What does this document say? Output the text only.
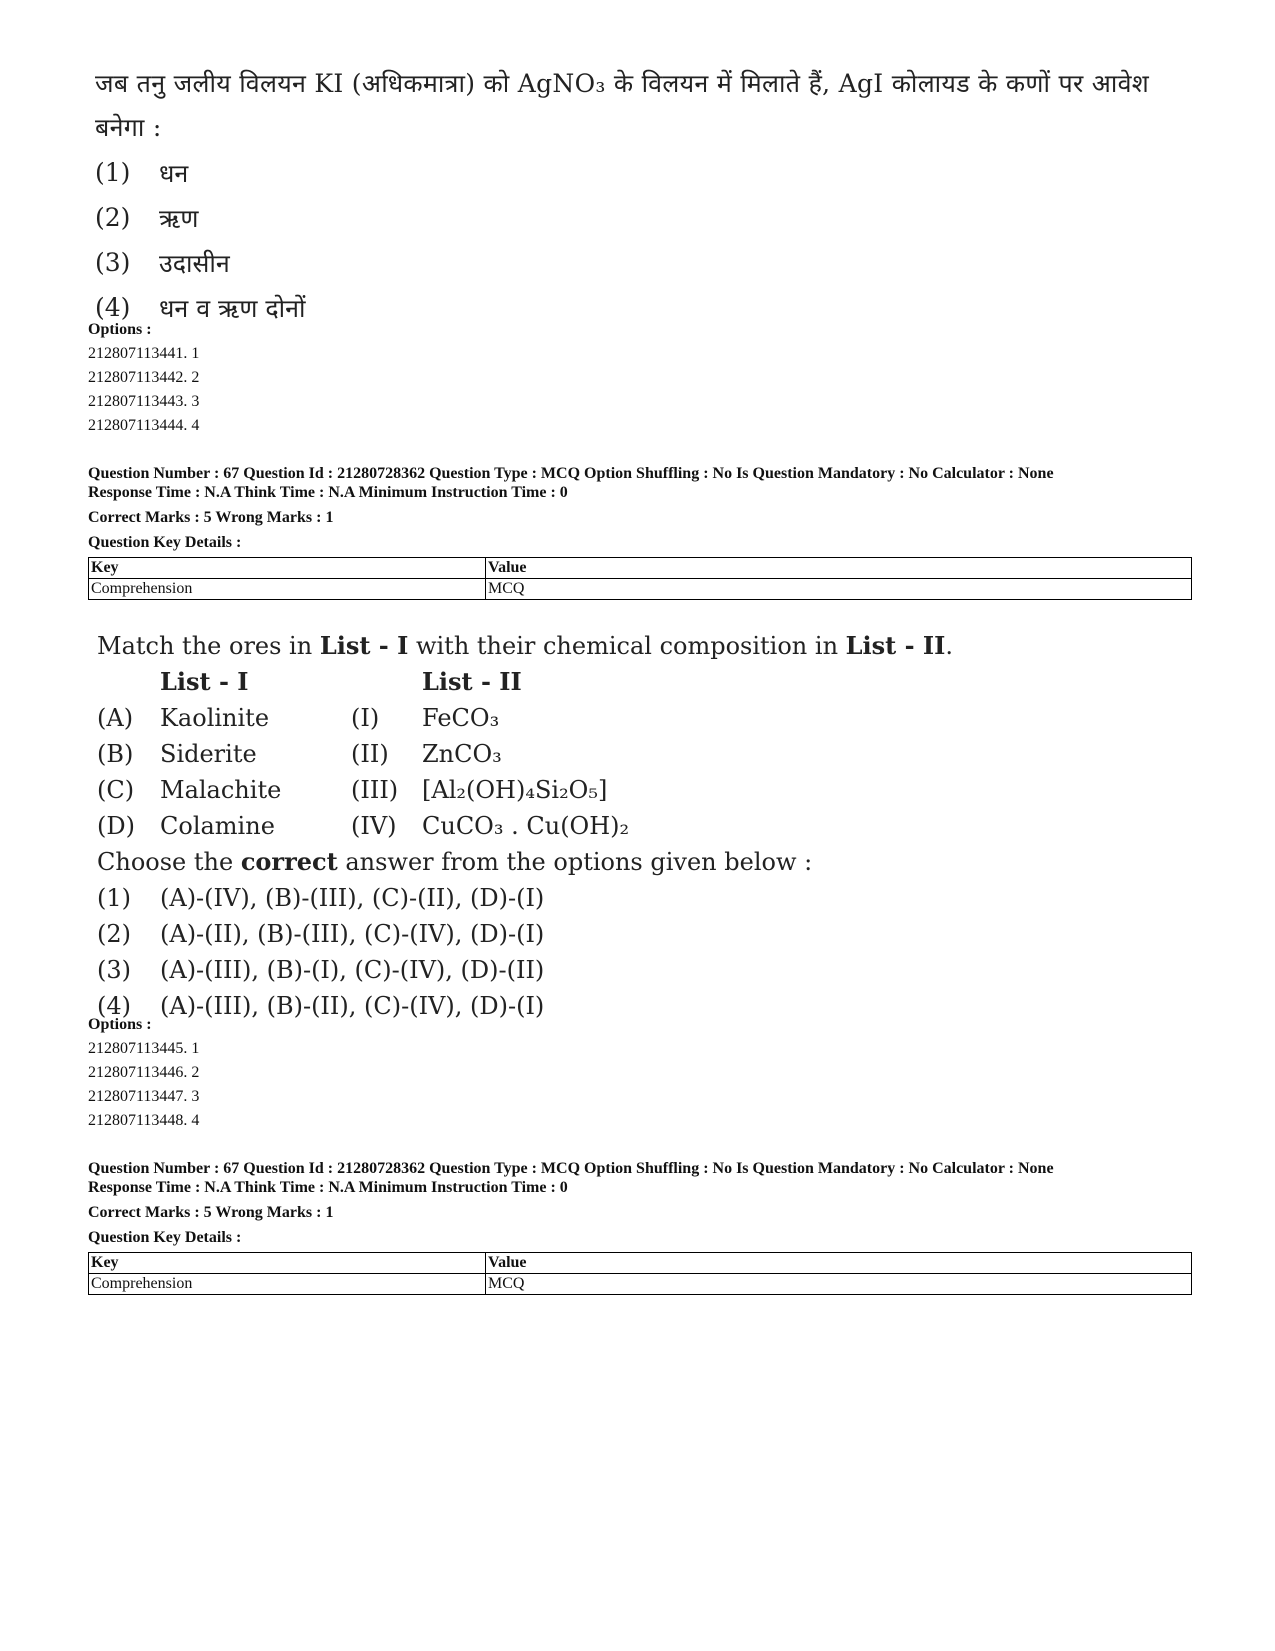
जब तनु जलीय विलयन KI (अधिकमात्रा) को AgNO₃ के विलयन में मिलाते हैं, AgI कोलायड के कणों पर आवेश
बनेगा :
(1)	धन
(2)	ऋण
(3)	उदासीन
(4)	धन व ऋण दोनों
Options :
212807113441. 1
212807113442. 2
212807113443. 3
212807113444. 4
Question Number : 67 Question Id : 21280728362 Question Type : MCQ Option Shuffling : No Is Question Mandatory : No Calculator : None
Response Time : N.A Think Time : N.A Minimum Instruction Time : 0
Correct Marks : 5 Wrong Marks : 1
Question Key Details :
Key	Value
Comprehension	MCQ
Match the ores in List - I with their chemical composition in List - II.
List - I	List - II
(A) Kaolinite	(I) FeCO₃
(B) Siderite	(II) ZnCO₃
(C) Malachite	(III) [Al₂(OH)₄Si₂O₅]
(D) Colamine	(IV) CuCO₃ . Cu(OH)₂
Choose the correct answer from the options given below :
(1) (A)-(IV), (B)-(III), (C)-(II), (D)-(I)
(2) (A)-(II), (B)-(III), (C)-(IV), (D)-(I)
(3) (A)-(III), (B)-(I), (C)-(IV), (D)-(II)
(4) (A)-(III), (B)-(II), (C)-(IV), (D)-(I)
Options :
212807113445. 1
212807113446. 2
212807113447. 3
212807113448. 4
Question Number : 67 Question Id : 21280728362 Question Type : MCQ Option Shuffling : No Is Question Mandatory : No Calculator : None
Response Time : N.A Think Time : N.A Minimum Instruction Time : 0
Correct Marks : 5 Wrong Marks : 1
Question Key Details :
Key	Value
Comprehension	MCQ
